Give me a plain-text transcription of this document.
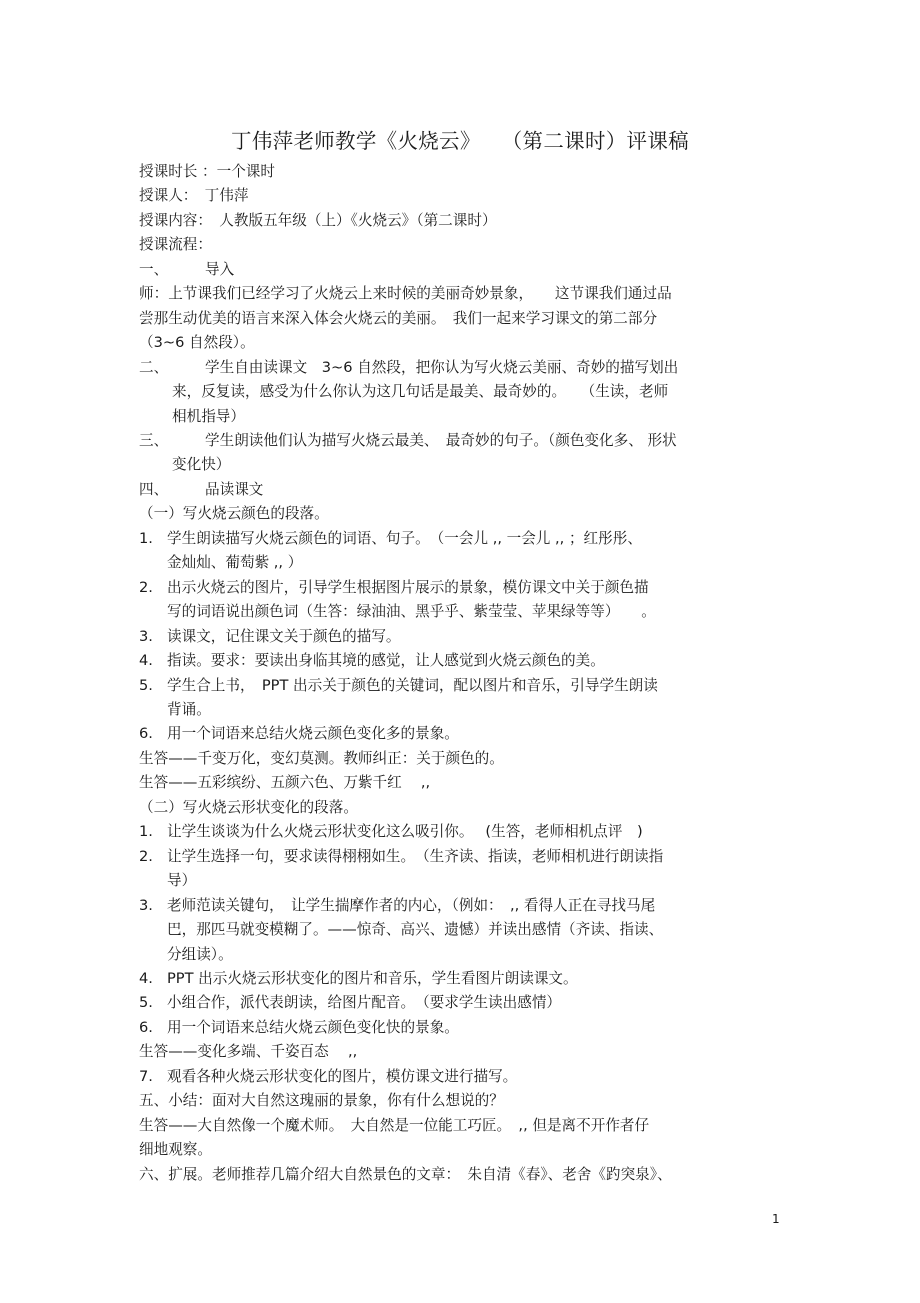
丁伟萍老师教学《火烧云》　　（第二课时）评课稿
授课时长 ：一个课时
授课人：　丁伟萍
授课内容：　人教版五年级（上）《火烧云》（第二课时）
授课流程：
一、	导入
师：上节课我们已经学习了火烧云上来时候的美丽奇妙景象，　　这节课我们通过品
尝那生动优美的语言来深入体会火烧云的美丽。　我们一起来学习课文的第二部分
（3~6 自然段）。
二、	学生自由读课文　3~6 自然段，把你认为写火烧云美丽、奇妙的描写划出
来，反复读，感受为什么你认为这几句话是最美、最奇妙的。　　（生读，老师
相机指导）
三、	学生朗读他们认为描写火烧云最美、　最奇妙的句子。（颜色变化多、 形状
变化快）
四、	品读课文
（一）写火烧云颜色的段落。
1. 学生朗读描写火烧云颜色的词语、句子。　（一会儿 ,, 一会儿 ,, ；红彤彤、
金灿灿、葡萄紫 ,, ）
2. 出示火烧云的图片，引导学生根据图片展示的景象，模仿课文中关于颜色描
写的词语说出颜色词（生答：绿油油、黑乎乎、紫莹莹、苹果绿等等）　　。
3. 读课文，记住课文关于颜色的描写。
4. 指读。要求：要读出身临其境的感觉，让人感觉到火烧云颜色的美。
5. 学生合上书，　PPT 出示关于颜色的关键词，配以图片和音乐，引导学生朗读
背诵。
6. 用一个词语来总结火烧云颜色变化多的景象。
生答——千变万化，变幻莫测。教师纠正：关于颜色的。
生答——五彩缤纷、五颜六色、万紫千红　 ,,
（二）写火烧云形状变化的段落。
1. 让学生谈谈为什么火烧云形状变化这么吸引你。　 (生答，老师相机点评　)
2. 让学生选择一句，要求读得栩栩如生。　（生齐读、指读，老师相机进行朗读指
导）
3. 老师范读关键句，　让学生揣摩作者的内心，（例如：　,, 看得人正在寻找马尾
巴，那匹马就变模糊了。——惊奇、高兴、遗憾）并读出感情（齐读、指读、
分组读）。
4. PPT 出示火烧云形状变化的图片和音乐，学生看图片朗读课文。
5. 小组合作，派代表朗读，给图片配音。　（要求学生读出感情）
6. 用一个词语来总结火烧云颜色变化快的景象。
生答——变化多端、千姿百态　 ,,
7. 观看各种火烧云形状变化的图片，模仿课文进行描写。
五、小结：面对大自然这瑰丽的景象，你有什么想说的？
生答——大自然像一个魔术师。　大自然是一位能工巧匠。　,, 但是离不开作者仔
细地观察。
六、扩展。老师推荐几篇介绍大自然景色的文章：　朱自清《春》、老舍《趵突泉》、
1
